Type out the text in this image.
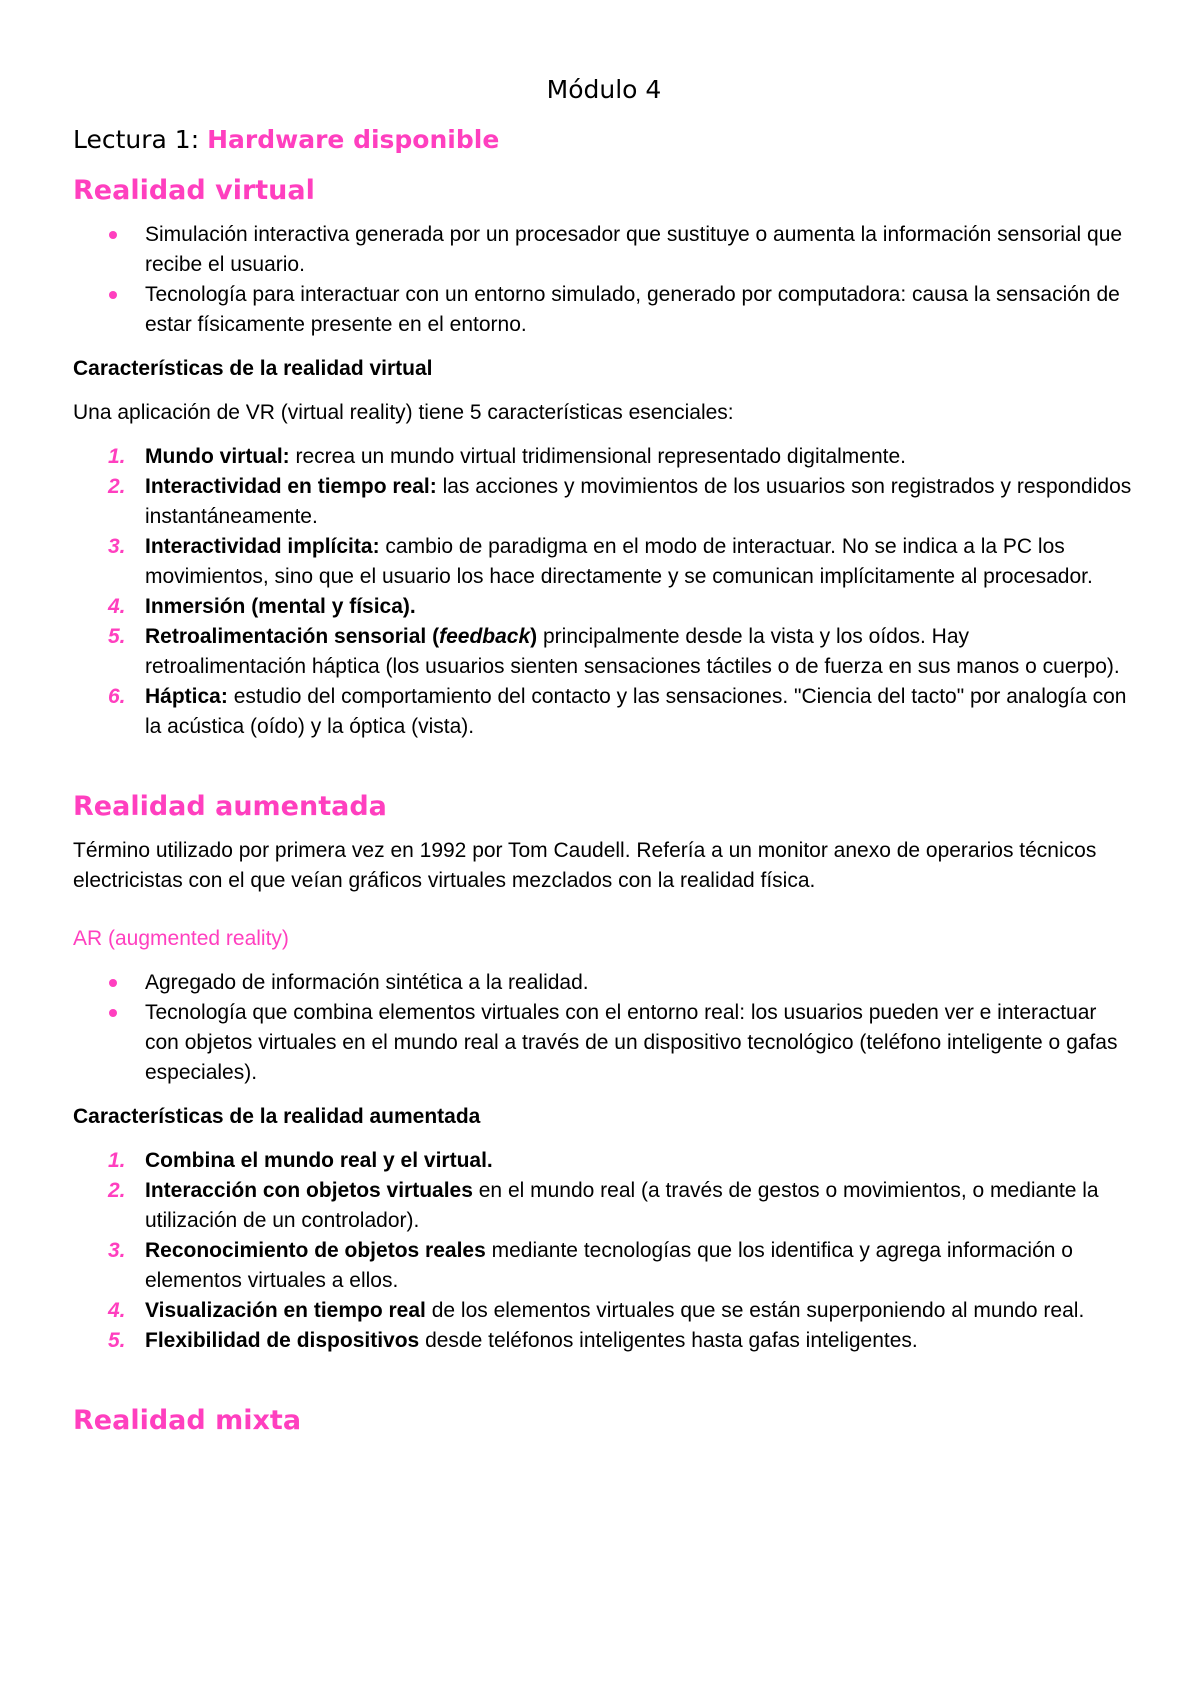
Módulo 4
Lectura 1: Hardware disponible
Realidad virtual
Simulación interactiva generada por un procesador que sustituye o aumenta la información sensorial que recibe el usuario.
Tecnología para interactuar con un entorno simulado, generado por computadora: causa la sensación de estar físicamente presente en el entorno.
Características de la realidad virtual

Una aplicación de VR (virtual reality) tiene 5 características esenciales:

1. Mundo virtual: recrea un mundo virtual tridimensional representado digitalmente.
2. Interactividad en tiempo real: las acciones y movimientos de los usuarios son registrados y respondidos instantáneamente.
3. Interactividad implícita: cambio de paradigma en el modo de interactuar. No se indica a la PC los movimientos, sino que el usuario los hace directamente y se comunican implícitamente al procesador.
4. Inmersión (mental y física).
5. Retroalimentación sensorial (feedback) principalmente desde la vista y los oídos. Hay retroalimentación háptica (los usuarios sienten sensaciones táctiles o de fuerza en sus manos o cuerpo).
6. Háptica: estudio del comportamiento del contacto y las sensaciones. "Ciencia del tacto" por analogía con la acústica (oído) y la óptica (vista).
Realidad aumentada

Término utilizado por primera vez en 1992 por Tom Caudell. Refería a un monitor anexo de operarios técnicos electricistas con el que veían gráficos virtuales mezclados con la realidad física.

AR (augmented reality)
Agregado de información sintética a la realidad.
Tecnología que combina elementos virtuales con el entorno real: los usuarios pueden ver e interactuar con objetos virtuales en el mundo real a través de un dispositivo tecnológico (teléfono inteligente o gafas especiales).
Características de la realidad aumentada
1. Combina el mundo real y el virtual.
2. Interacción con objetos virtuales en el mundo real (a través de gestos o movimientos, o mediante la utilización de un controlador).
3. Reconocimiento de objetos reales mediante tecnologías que los identifica y agrega información o elementos virtuales a ellos.
4. Visualización en tiempo real de los elementos virtuales que se están superponiendo al mundo real.
5. Flexibilidad de dispositivos desde teléfonos inteligentes hasta gafas inteligentes.
Realidad mixta
